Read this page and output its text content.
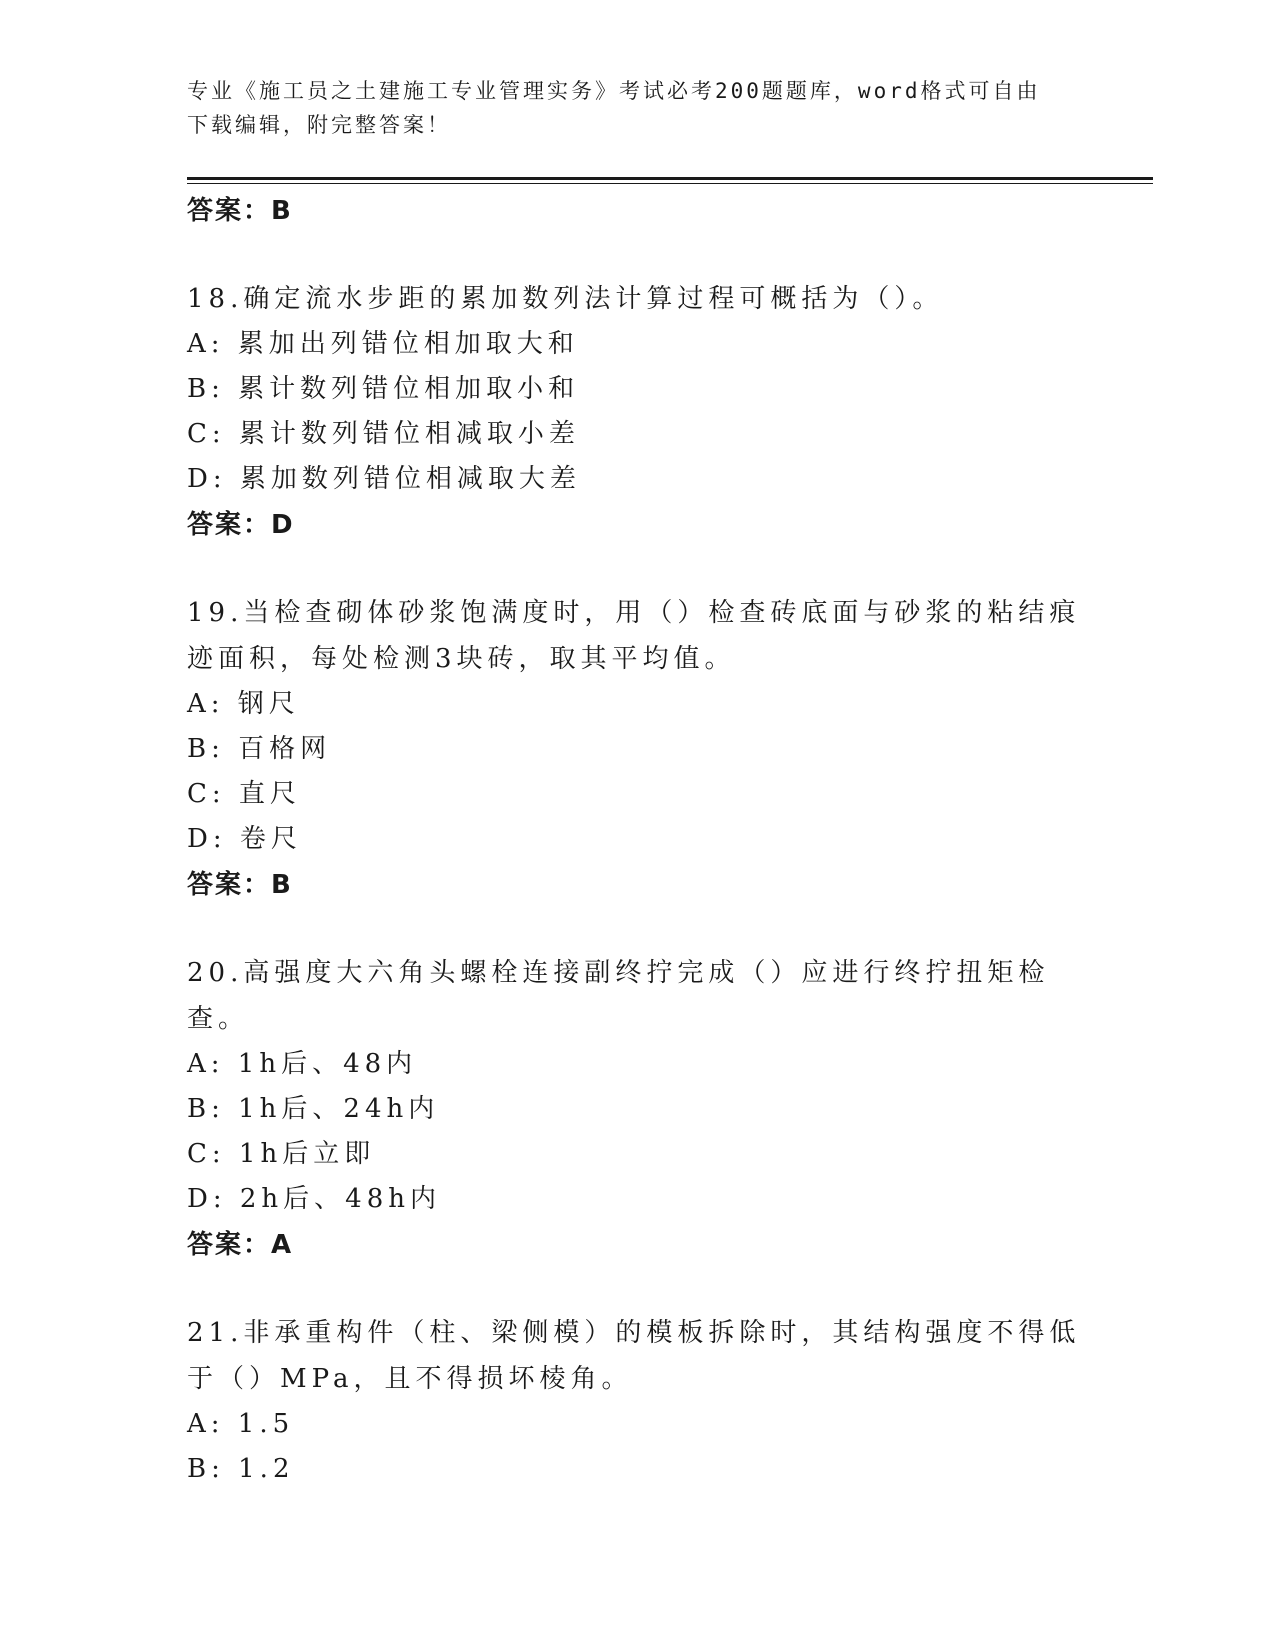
专业《施工员之土建施工专业管理实务》考试必考200题题库，word格式可自由
下载编辑，附完整答案！
答案：B

18.确定流水步距的累加数列法计算过程可概括为（）。

A: 累加出列错位相加取大和
B: 累计数列错位相加取小和
C: 累计数列错位相减取小差
D: 累加数列错位相减取大差
答案：D

19.当检查砌体砂浆饱满度时，用（）检查砖底面与砂浆的粘结痕迹面积，每处检测3块砖，取其平均值。

A: 钢尺
B: 百格网
C: 直尺
D: 卷尺
答案：B

20.高强度大六角头螺栓连接副终拧完成（）应进行终拧扭矩检查。

A: 1h后、48内
B: 1h后、24h内
C: 1h后立即
D: 2h后、48h内
答案：A

21.非承重构件（柱、梁侧模）的模板拆除时，其结构强度不得低于（）MPa，且不得损坏棱角。

A: 1.5
B: 1.2
